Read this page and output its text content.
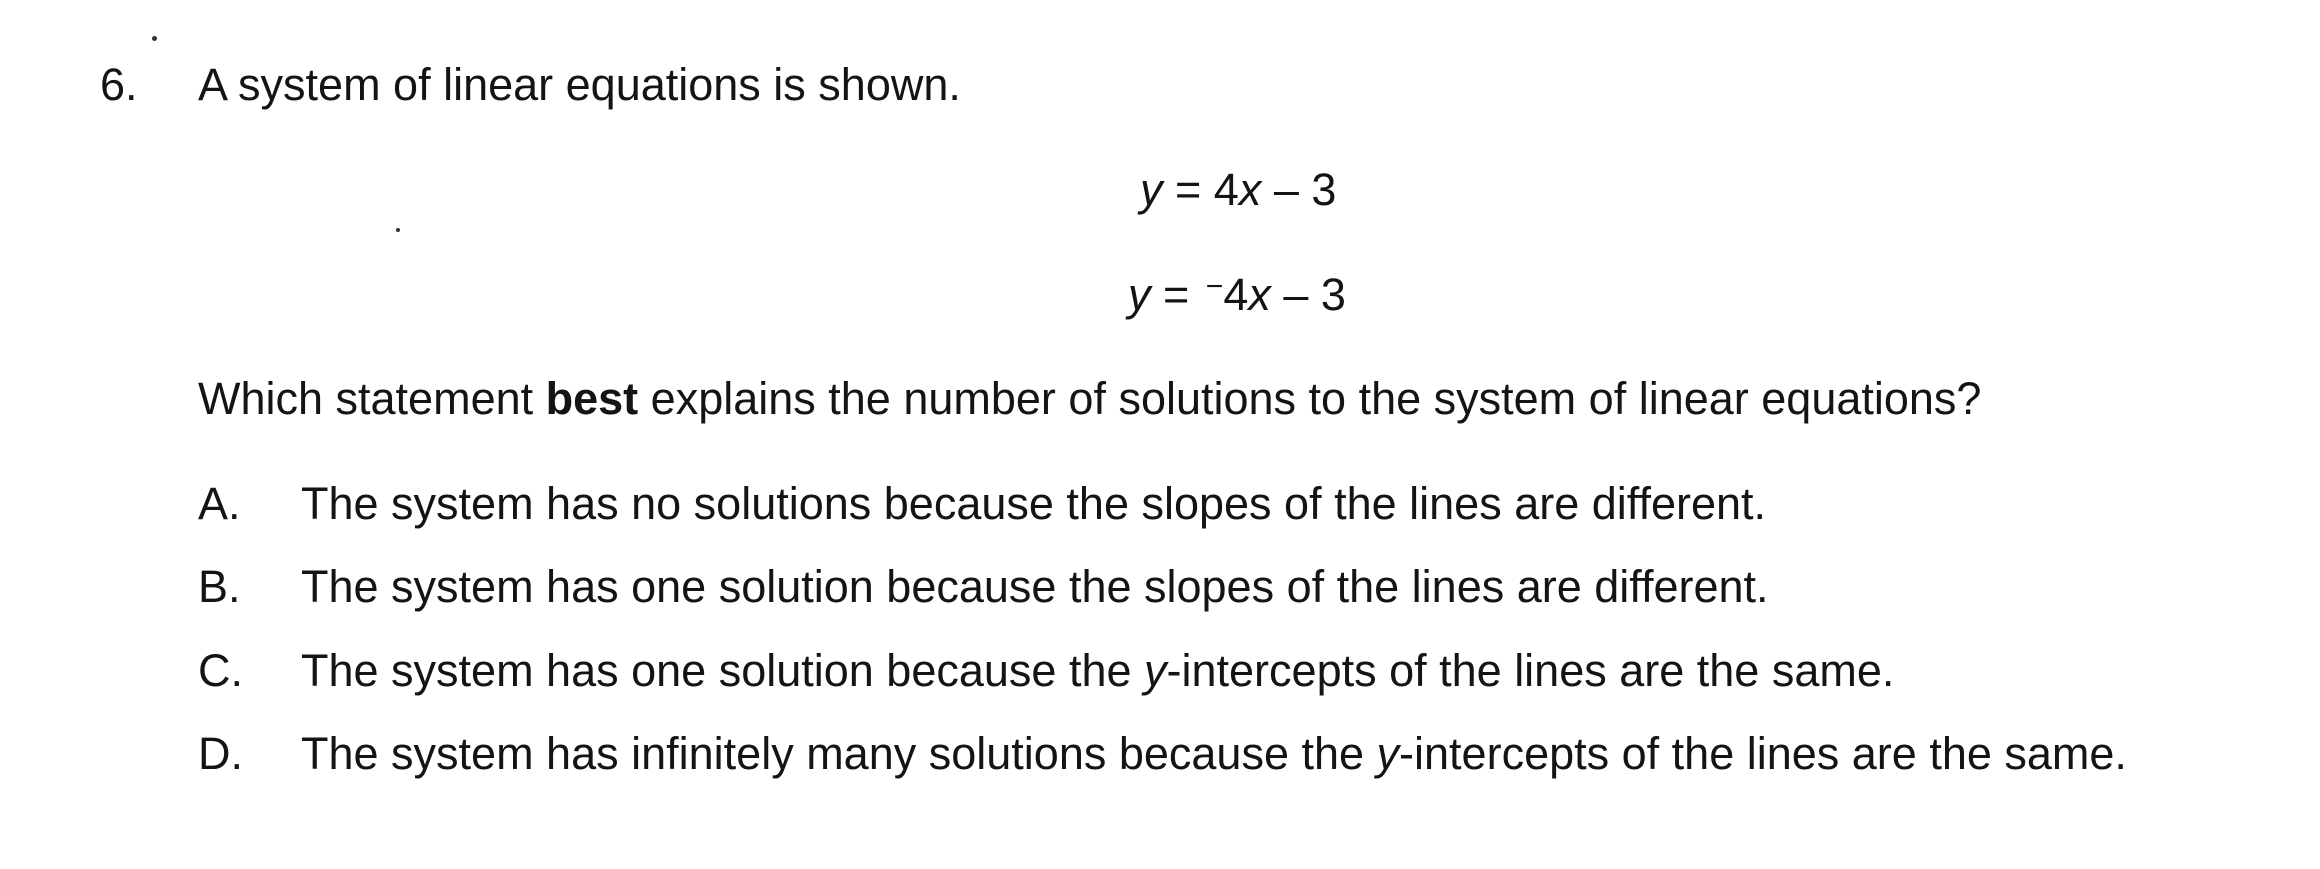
6. A system of linear equations is shown.
y = 4x – 3
y = −4x – 3
Which statement best explains the number of solutions to the system of linear equations?
A. The system has no solutions because the slopes of the lines are different.
B. The system has one solution because the slopes of the lines are different.
C. The system has one solution because the y-intercepts of the lines are the same.
D. The system has infinitely many solutions because the y-intercepts of the lines are the same.
